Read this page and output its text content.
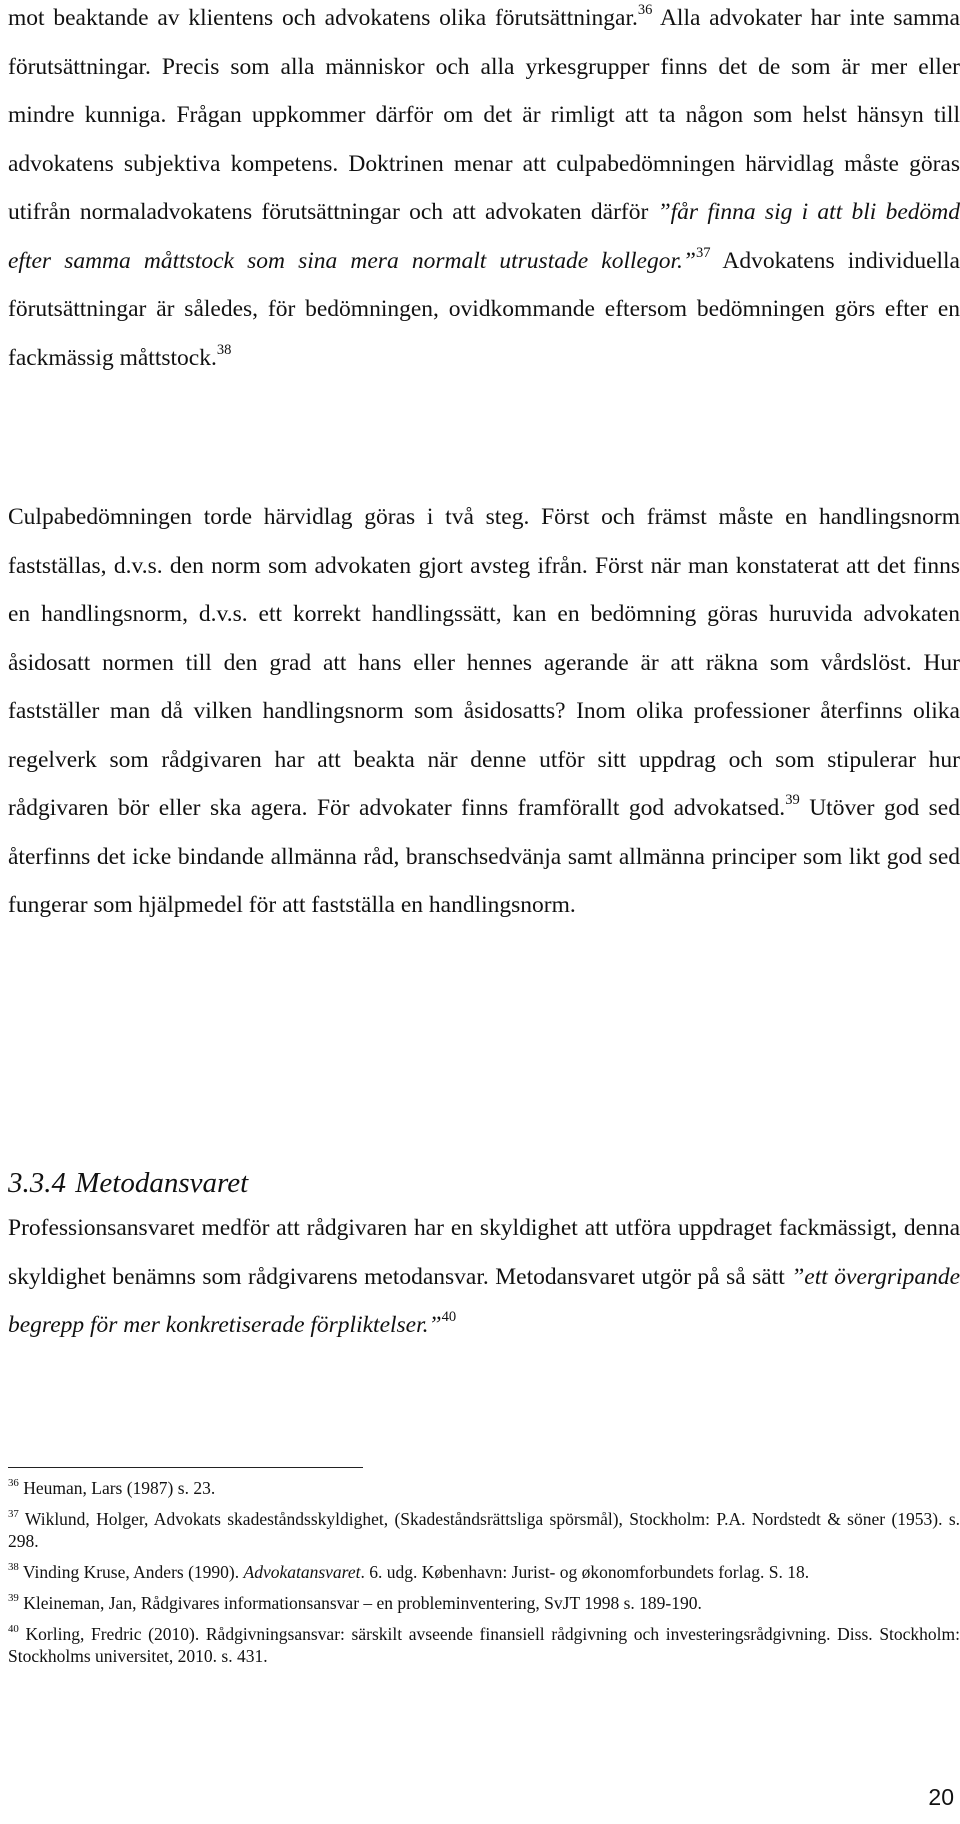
mot beaktande av klientens och advokatens olika förutsättningar.$^{36}$ Alla advokater har inte samma förutsättningar. Precis som alla människor och alla yrkesgrupper finns det de som är mer eller mindre kunniga. Frågan uppkommer därför om det är rimligt att ta någon som helst hänsyn till advokatens subjektiva kompetens. Doktrinen menar att culpabedömningen härvidlag måste göras utifrån normaladvokatens förutsättningar och att advokaten därför ”får finna sig i att bli bedömd efter samma måttstock som sina mera normalt utrustade kollegor.”$^{37}$ Advokatens individuella förutsättningar är således, för bedömningen, ovidkommande eftersom bedömningen görs efter en fackmässig måttstock.$^{38}$

Culpabedömningen torde härvidlag göras i två steg. Först och främst måste en handlingsnorm fastställas, d.v.s. den norm som advokaten gjort avsteg ifrån. Först när man konstaterat att det finns en handlingsnorm, d.v.s. ett korrekt handlingssätt, kan en bedömning göras huruvida advokaten åsidosatt normen till den grad att hans eller hennes agerande är att räkna som vårdslöst. Hur fastställer man då vilken handlingsnorm som åsidosatts? Inom olika professioner återfinns olika regelverk som rådgivaren har att beakta när denne utför sitt uppdrag och som stipulerar hur rådgivaren bör eller ska agera. För advokater finns framförallt god advokatsed.$^{39}$ Utöver god sed återfinns det icke bindande allmänna råd, branschsedvänja samt allmänna principer som likt god sed fungerar som hjälpmedel för att fastställa en handlingsnorm.

3.3.4 Metodansvaret

Professionsansvaret medför att rådgivaren har en skyldighet att utföra uppdraget fackmässigt, denna skyldighet benämns som rådgivarens metodansvar. Metodansvaret utgör på så sätt ”ett övergripande begrepp för mer konkretiserade förpliktelser.”$^{40}$

$^{36}$ Heuman, Lars (1987) s. 23.
$^{37}$ Wiklund, Holger, Advokats skadeståndsskyldighet, (Skadeståndsrättsliga spörsmål), Stockholm: P.A. Nordstedt & söner (1953). s. 298.
$^{38}$ Vinding Kruse, Anders (1990). Advokatansvaret. 6. udg. København: Jurist- og økonomforbundets forlag. S. 18.
$^{39}$ Kleineman, Jan, Rådgivares informationsansvar – en probleminventering, SvJT 1998 s. 189-190.
$^{40}$ Korling, Fredric (2010). Rådgivningsansvar: särskilt avseende finansiell rådgivning och investeringsrådgivning. Diss. Stockholm: Stockholms universitet, 2010. s. 431.
20
